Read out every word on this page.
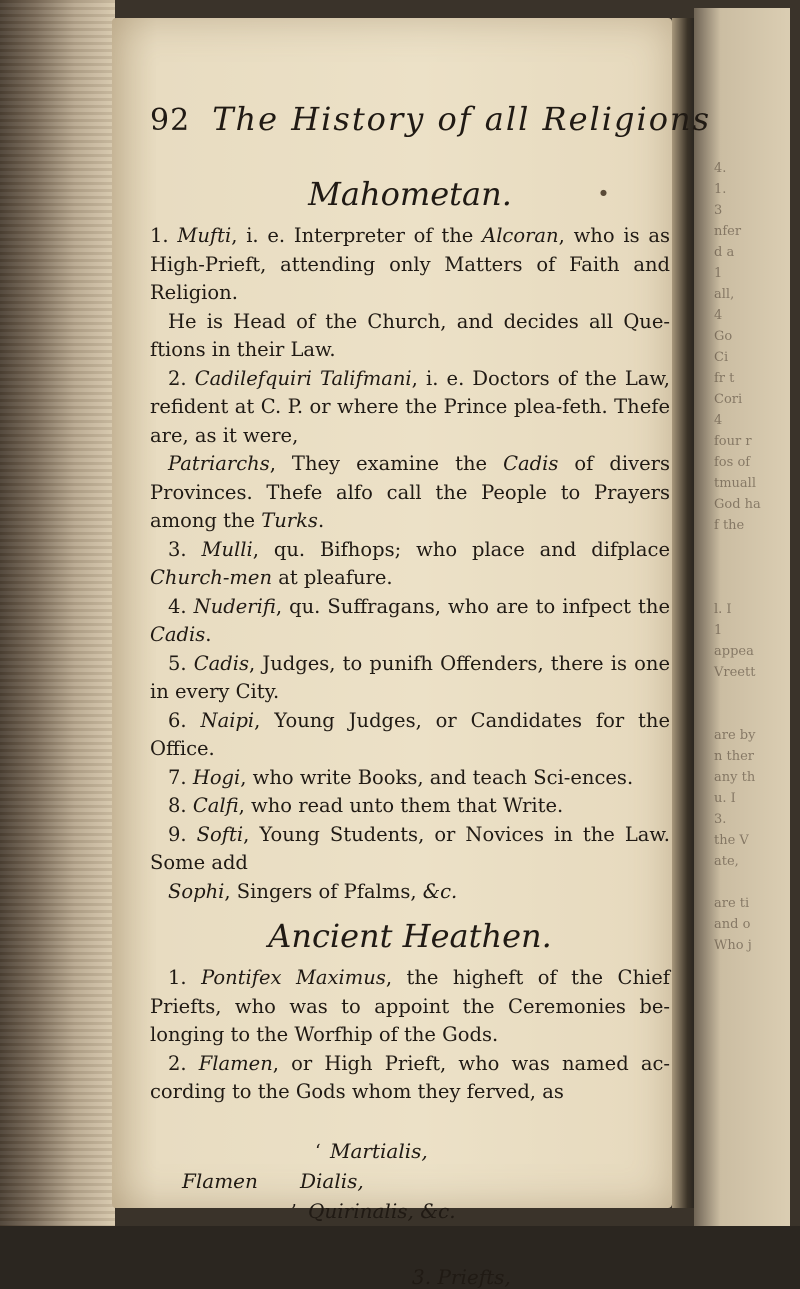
4.
1.
3
nfer
d a
1
all,
4
Go
Ci
fr t
Cori
4
four r
fos of
tmuall
God ha
f the

l. I
1
appea
Vreett

are by
n ther
any th
u. I
3.
the V
ate,

are ti
and o
Who j
●
92 The History of all Religions
Mahometan.

1. Mufti, i. e. Interpreter of the Alcoran, who is as High-Prieft, attending only Matters of Faith and Religion.

He is Head of the Church, and decides all Que-ftions in their Law.

2. Cadilefquiri Talifmani, i. e. Doctors of the Law, refident at C. P. or where the Prince plea-feth. Thefe are, as it were,

Patriarchs, They examine the Cadis of divers Provinces. Thefe alfo call the People to Prayers among the Turks.

3. Mulli, qu. Bifhops; who place and difplace Church-men at pleafure.

4. Nuderifi, qu. Suffragans, who are to infpect the Cadis.

5. Cadis, Judges, to punifh Offenders, there is one in every City.

6. Naipi, Young Judges, or Candidates for the Office.

7. Hogi, who write Books, and teach Sci-ences.

8. Calfi, who read unto them that Write.

9. Softi, Young Students, or Novices in the Law. Some add

Sophi, Singers of Pfalms, &c.

Ancient Heathen.

1. Pontifex Maximus, the higheft of the Chief Priefts, who was to appoint the Ceremonies be-longing to the Worfhip of the Gods.

2. Flamen, or High Prieft, who was named ac-cording to the Gods whom they ferved, as

‘ Martialis,
Flamen Dialis,
’ Quirinalis, &c.
3. Priefts,
